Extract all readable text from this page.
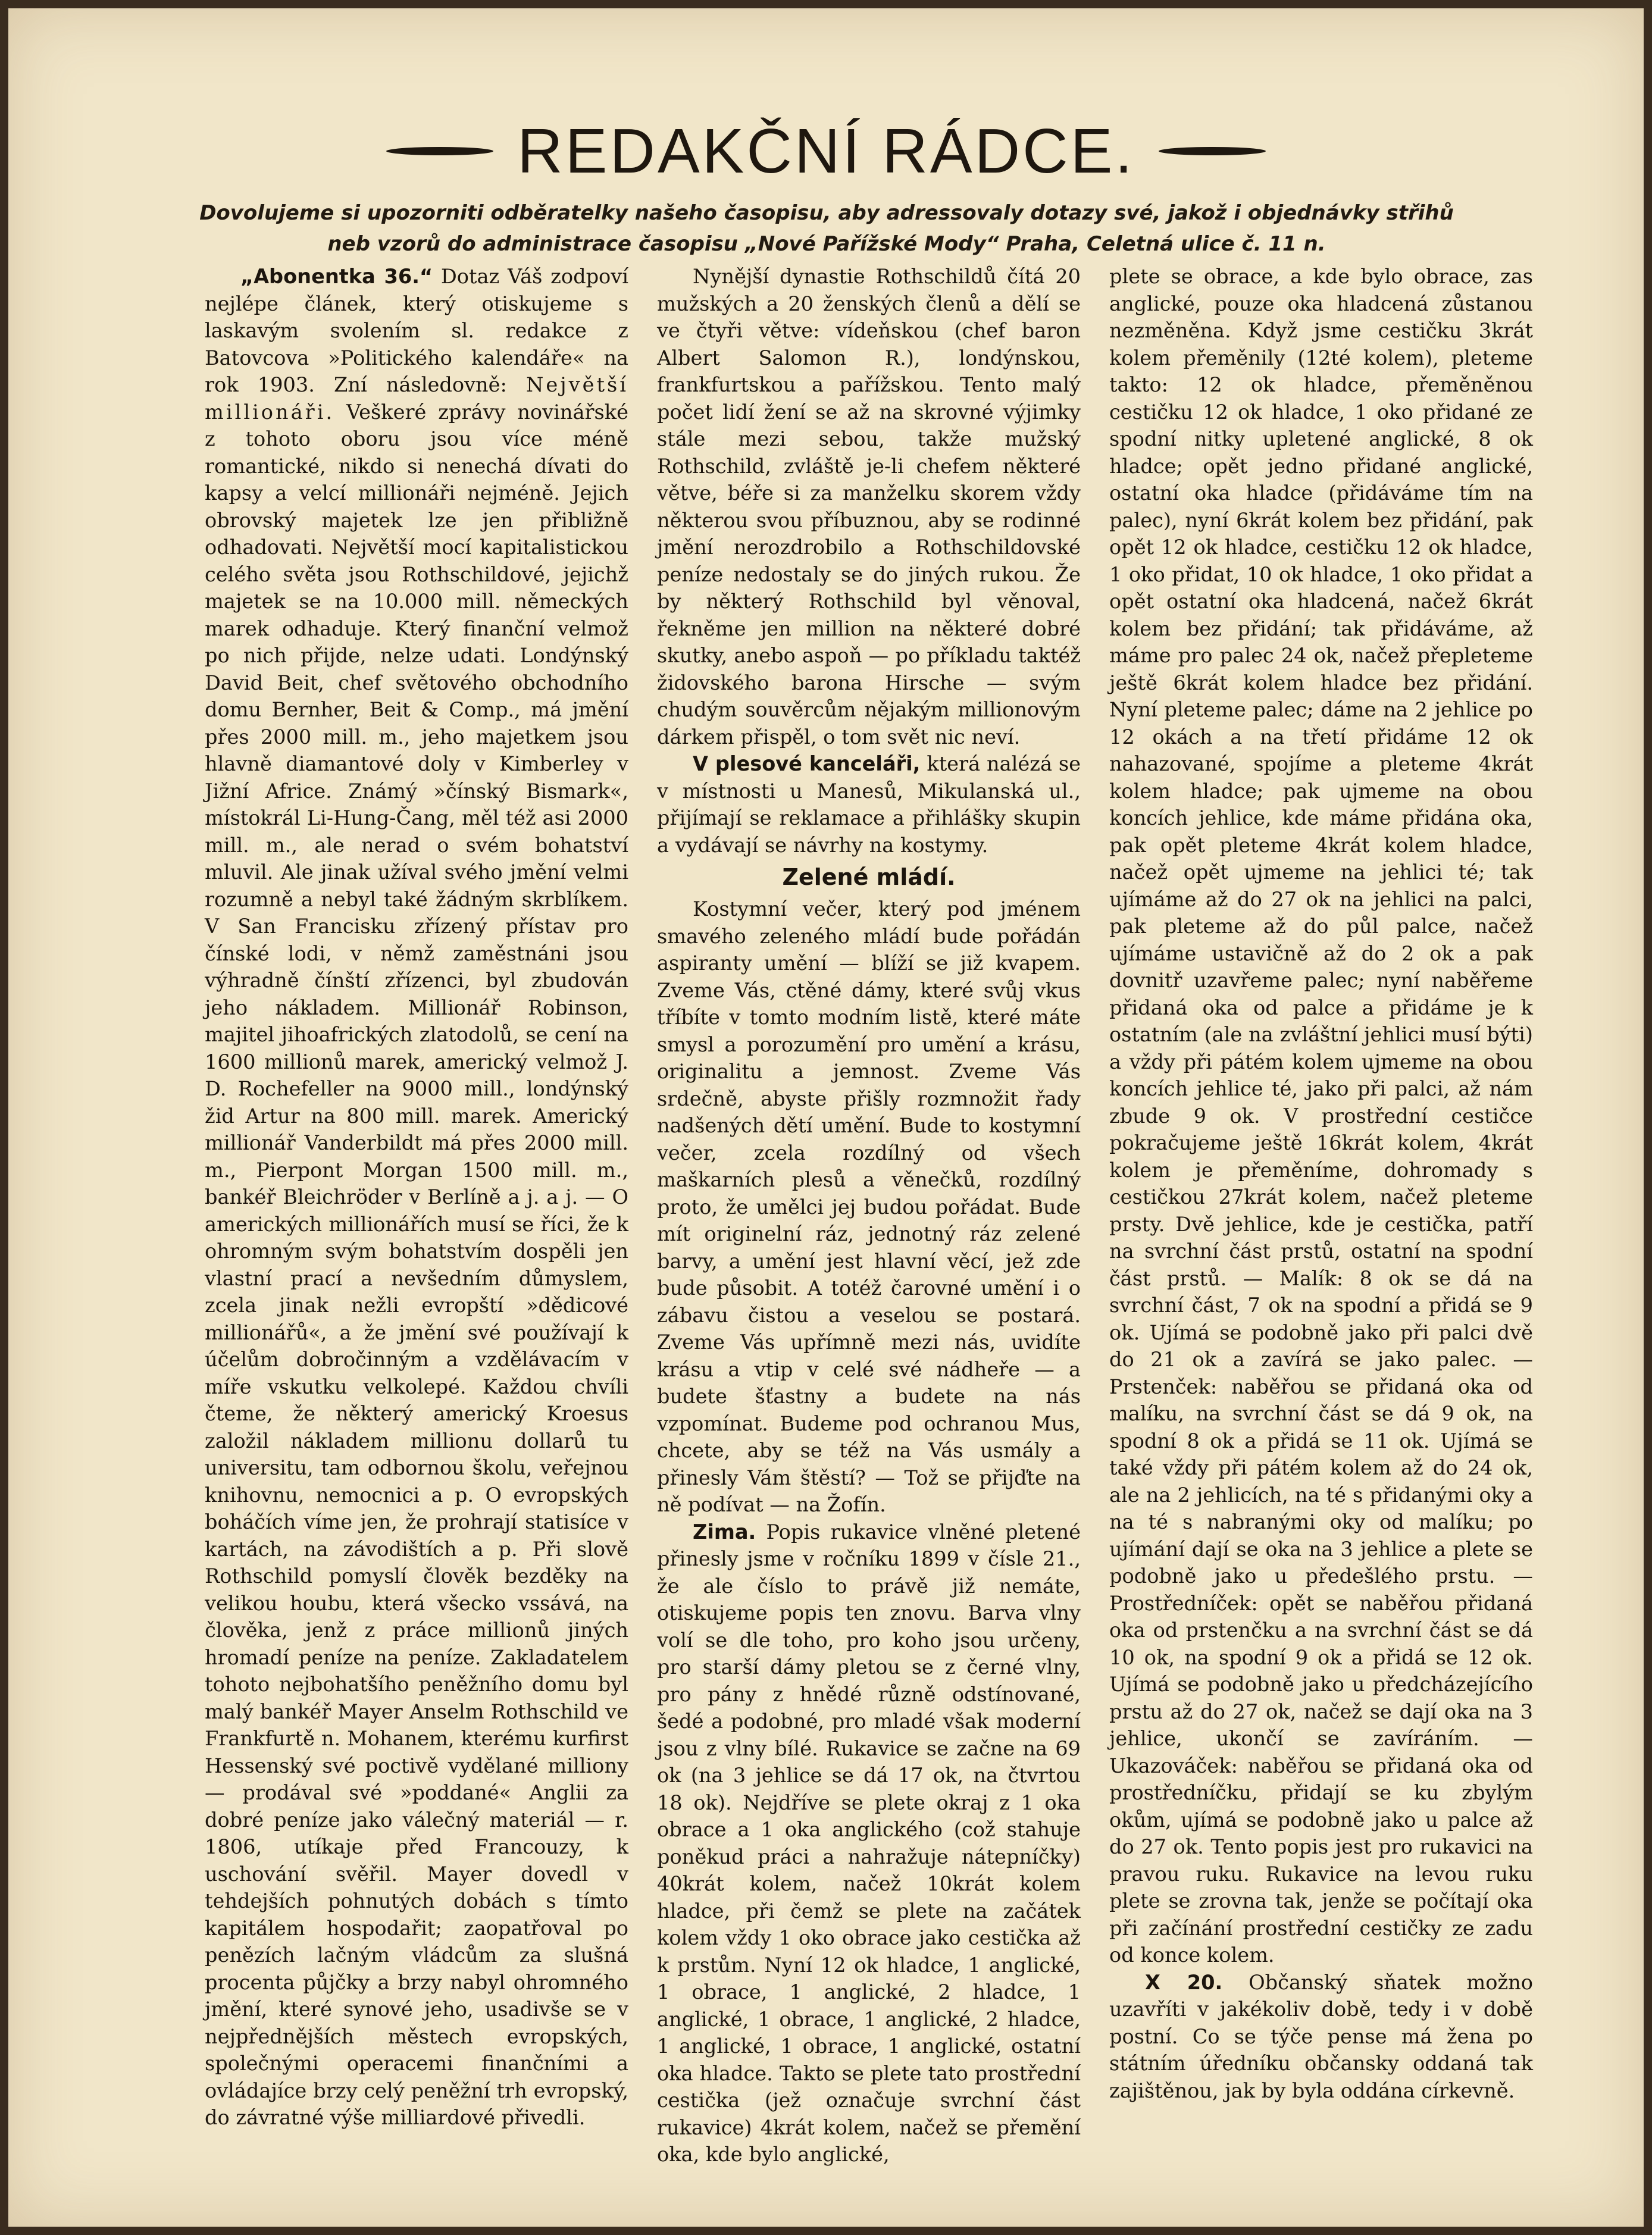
REDAKČNÍ RÁDCE.
Dovolujeme si upozorniti odběratelky našeho časopisu, aby adressovaly dotazy své, jakož i objednávky střihů neb vzorů do administrace časopisu „Nové Pařížské Mody“ Praha, Celetná ulice č. 11 n.

„Abonentka 36.“ Dotaz Váš zodpoví nejlépe článek, který otiskujeme s laskavým svolením sl. redakce z Batovcova »Politického kalendáře« na rok 1903. Zní následovně: Největší millionáři. Veškeré zprávy novinářské z tohoto oboru jsou více méně romantické, nikdo si nenechá dívati do kapsy a velcí millionáři nejméně. Jejich obrovský majetek lze jen přibližně odhadovati. Největší mocí kapitalistickou celého světa jsou Rothschildové, jejichž majetek se na 10.000 mill. německých marek odhaduje. Který finanční velmož po nich přijde, nelze udati. Londýnský David Beit, chef světového obchodního domu Bernher, Beit & Comp., má jmění přes 2000 mill. m., jeho majetkem jsou hlavně diamantové doly v Kimberley v Jižní Africe. Známý »čínský Bismark«, místokrál Li-Hung-Čang, měl též asi 2000 mill. m., ale nerad o svém bohatství mluvil. Ale jinak užíval svého jmění velmi rozumně a nebyl také žádným skrblíkem. V San Francisku zřízený přístav pro čínské lodi, v němž zaměstnáni jsou výhradně čínští zřízenci, byl zbudován jeho nákladem. Millionář Robinson, majitel jihoafrických zlatodolů, se cení na 1600 millionů marek, americký velmož J. D. Rochefeller na 9000 mill., londýnský žid Artur na 800 mill. marek. Americký millionář Vanderbildt má přes 2000 mill. m., Pierpont Morgan 1500 mill. m., bankéř Bleichröder v Berlíně a j. a j. — O amerických millionářích musí se říci, že k ohromným svým bohatstvím dospěli jen vlastní prací a nevšedním důmyslem, zcela jinak nežli evropští »dědicové millionářů«, a že jmění své používají k účelům dobročinným a vzdělávacím v míře vskutku velkolepé. Každou chvíli čteme, že některý americký Kroesus založil nákladem millionu dollarů tu universitu, tam odbornou školu, veřejnou knihovnu, nemocnici a p. O evropských boháčích víme jen, že prohrají statisíce v kartách, na závodištích a p. Při slově Rothschild pomyslí člověk bezděky na velikou houbu, která všecko vssává, na člověka, jenž z práce millionů jiných hromadí peníze na peníze. Zakladatelem tohoto nejbohatšího peněžního domu byl malý bankéř Mayer Anselm Rothschild ve Frankfurtě n. Mohanem, kterému kurfirst Hessenský své poctivě vydělané milliony — prodával své »poddané« Anglii za dobré peníze jako válečný materiál — r. 1806, utíkaje před Francouzy, k uschování svěřil. Mayer dovedl v tehdejších pohnutých dobách s tímto kapitálem hospodařit; zaopatřoval po penězích lačným vládcům za slušná procenta půjčky a brzy nabyl ohromného jmění, které synové jeho, usadivše se v nejpřednějších městech evropských, společnými operacemi finančními a ovládajíce brzy celý peněžní trh evropský, do závratné výše milliardové přivedli.

Nynější dynastie Rothschildů čítá 20 mužských a 20 ženských členů a dělí se ve čtyři větve: vídeňskou (chef baron Albert Salomon R.), londýnskou, frankfurtskou a pařížskou. Tento malý počet lidí žení se až na skrovné výjimky stále mezi sebou, takže mužský Rothschild, zvláště je-li chefem některé větve, béře si za manželku skorem vždy některou svou příbuznou, aby se rodinné jmění nerozdrobilo a Rothschildovské peníze nedostaly se do jiných rukou. Že by některý Rothschild byl věnoval, řekněme jen million na některé dobré skutky, anebo aspoň — po příkladu taktéž židovského barona Hirsche — svým chudým souvěrcům nějakým millionovým dárkem přispěl, o tom svět nic neví.

V plesové kanceláři, která nalézá se v místnosti u Manesů, Mikulanská ul., přijímají se reklamace a přihlášky skupin a vydávají se návrhy na kostymy.

Zelené mládí.

Kostymní večer, který pod jménem smavého zeleného mládí bude pořádán aspiranty umění — blíží se již kvapem. Zveme Vás, ctěné dámy, které svůj vkus tříbíte v tomto modním listě, které máte smysl a porozumění pro umění a krásu, originalitu a jemnost. Zveme Vás srdečně, abyste přišly rozmnožit řady nadšených dětí umění. Bude to kostymní večer, zcela rozdílný od všech maškarních plesů a věnečků, rozdílný proto, že umělci jej budou pořádat. Bude mít originelní ráz, jednotný ráz zelené barvy, a umění jest hlavní věcí, jež zde bude působit. A totéž čarovné umění i o zábavu čistou a veselou se postará. Zveme Vás upřímně mezi nás, uvidíte krásu a vtip v celé své nádheře — a budete šťastny a budete na nás vzpomínat. Budeme pod ochranou Mus, chcete, aby se též na Vás usmály a přinesly Vám štěstí? — Tož se přijďte na ně podívat — na Žofín.

Zima. Popis rukavice vlněné pletené přinesly jsme v ročníku 1899 v čísle 21., že ale číslo to právě již nemáte, otiskujeme popis ten znovu. Barva vlny volí se dle toho, pro koho jsou určeny, pro starší dámy pletou se z černé vlny, pro pány z hnědé různě odstínované, šedé a podobné, pro mladé však moderní jsou z vlny bílé. Rukavice se začne na 69 ok (na 3 jehlice se dá 17 ok, na čtvrtou 18 ok). Nejdříve se plete okraj z 1 oka obrace a 1 oka anglického (což stahuje poněkud práci a nahražuje nátepníčky) 40krát kolem, načež 10krát kolem hladce, při čemž se plete na začátek kolem vždy 1 oko obrace jako cestička až k prstům. Nyní 12 ok hladce, 1 anglické, 1 obrace, 1 anglické, 2 hladce, 1 anglické, 1 obrace, 1 anglické, 2 hladce, 1 anglické, 1 obrace, 1 anglické, ostatní oka hladce. Takto se plete tato prostřední cestička (jež označuje svrchní část rukavice) 4krát kolem, načež se přemění oka, kde bylo anglické,

plete se obrace, a kde bylo obrace, zas anglické, pouze oka hladcená zůstanou nezměněna. Když jsme cestičku 3krát kolem přeměnily (12té kolem), pleteme takto: 12 ok hladce, přeměněnou cestičku 12 ok hladce, 1 oko přidané ze spodní nitky upletené anglické, 8 ok hladce; opět jedno přidané anglické, ostatní oka hladce (přidáváme tím na palec), nyní 6krát kolem bez přidání, pak opět 12 ok hladce, cestičku 12 ok hladce, 1 oko přidat, 10 ok hladce, 1 oko přidat a opět ostatní oka hladcená, načež 6krát kolem bez přidání; tak přidáváme, až máme pro palec 24 ok, načež přepleteme ještě 6krát kolem hladce bez přidání. Nyní pleteme palec; dáme na 2 jehlice po 12 okách a na třetí přidáme 12 ok nahazované, spojíme a pleteme 4krát kolem hladce; pak ujmeme na obou koncích jehlice, kde máme přidána oka, pak opět pleteme 4krát kolem hladce, načež opět ujmeme na jehlici té; tak ujímáme až do 27 ok na jehlici na palci, pak pleteme až do půl palce, načež ujímáme ustavičně až do 2 ok a pak dovnitř uzavřeme palec; nyní naběřeme přidaná oka od palce a přidáme je k ostatním (ale na zvláštní jehlici musí býti) a vždy při pátém kolem ujmeme na obou koncích jehlice té, jako při palci, až nám zbude 9 ok. V prostřední cestičce pokračujeme ještě 16krát kolem, 4krát kolem je přeměníme, dohromady s cestičkou 27krát kolem, načež pleteme prsty. Dvě jehlice, kde je cestička, patří na svrchní část prstů, ostatní na spodní část prstů. — Malík: 8 ok se dá na svrchní část, 7 ok na spodní a přidá se 9 ok. Ujímá se podobně jako při palci dvě do 21 ok a zavírá se jako palec. — Prstenček: naběřou se přidaná oka od malíku, na svrchní část se dá 9 ok, na spodní 8 ok a přidá se 11 ok. Ujímá se také vždy při pátém kolem až do 24 ok, ale na 2 jehlicích, na té s přidanými oky a na té s nabranými oky od malíku; po ujímání dají se oka na 3 jehlice a plete se podobně jako u předešlého prstu. — Prostředníček: opět se naběřou přidaná oka od prstenčku a na svrchní část se dá 10 ok, na spodní 9 ok a přidá se 12 ok. Ujímá se podobně jako u předcházejícího prstu až do 27 ok, načež se dají oka na 3 jehlice, ukončí se zavíráním. — Ukazováček: naběřou se přidaná oka od prostředníčku, přidají se ku zbylým okům, ujímá se podobně jako u palce až do 27 ok. Tento popis jest pro rukavici na pravou ruku. Rukavice na levou ruku plete se zrovna tak, jenže se počítají oka při začínání prostřední cestičky ze zadu od konce kolem.

X 20. Občanský sňatek možno uzavříti v jakékoliv době, tedy i v době postní. Co se týče pense má žena po státním úředníku občansky oddaná tak zajištěnou, jak by byla oddána církevně.
